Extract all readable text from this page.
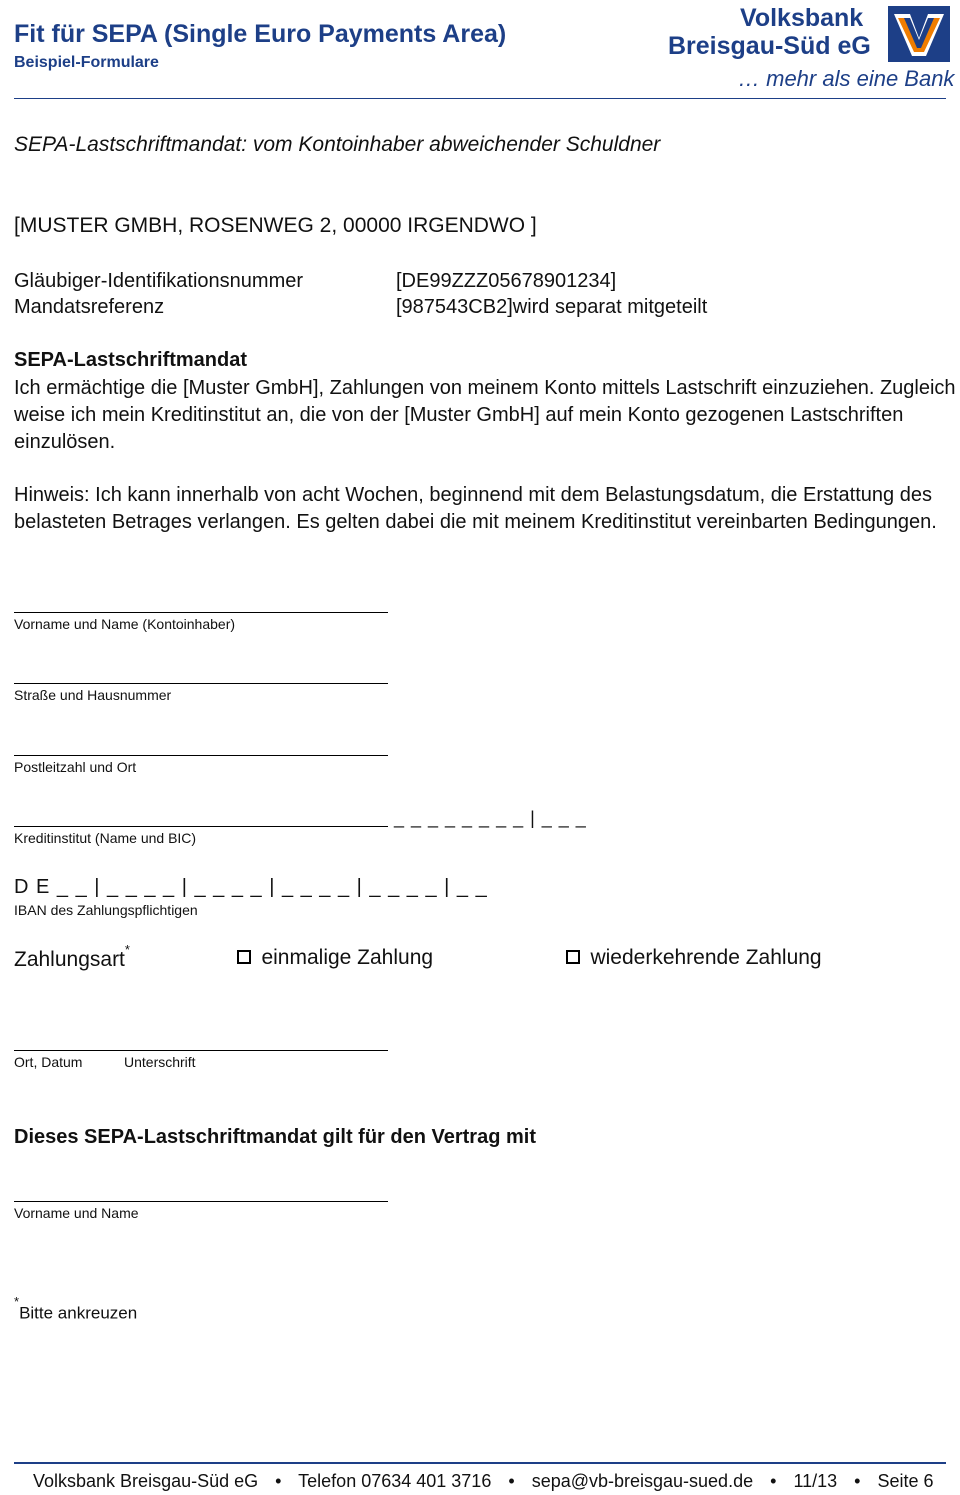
Fit für SEPA (Single Euro Payments Area)
Beispiel-Formulare
Volksbank
Breisgau-Süd eG
… mehr als eine Bank
SEPA-Lastschriftmandat: vom Kontoinhaber abweichender Schuldner
[MUSTER GMBH, ROSENWEG 2, 00000 IRGENDWO ]
Gläubiger-Identifikationsnummer	[DE99ZZZ05678901234]
Mandatsreferenz	[987543CB2]wird separat mitgeteilt
SEPA-Lastschriftmandat
Ich ermächtige die [Muster GmbH], Zahlungen von meinem Konto mittels Lastschrift einzuziehen. Zugleich weise ich mein Kreditinstitut an, die von der [Muster GmbH] auf mein Konto gezogenen Lastschriften einzulösen.
Hinweis: Ich kann innerhalb von acht Wochen, beginnend mit dem Belastungsdatum, die Erstattung des belasteten Betrages verlangen. Es gelten dabei die mit meinem Kreditinstitut vereinbarten Bedingungen.
Vorname und Name (Kontoinhaber)
Straße und Hausnummer
Postleitzahl und Ort
_ _ _ _ _ _ _ _ | _ _ _
Kreditinstitut (Name und BIC)
D E _ _ | _ _ _ _ | _ _ _ _ | _ _ _ _ | _ _ _ _ | _ _
IBAN des Zahlungspflichtigen
Zahlungsart*	einmalige Zahlung	wiederkehrende Zahlung
Ort, Datum	Unterschrift
Dieses SEPA-Lastschriftmandat gilt für den Vertrag mit
Vorname und Name
*Bitte ankreuzen
Volksbank Breisgau-Süd eG • Telefon 07634 401 3716 • sepa@vb-breisgau-sued.de • 11/13 • Seite 6
